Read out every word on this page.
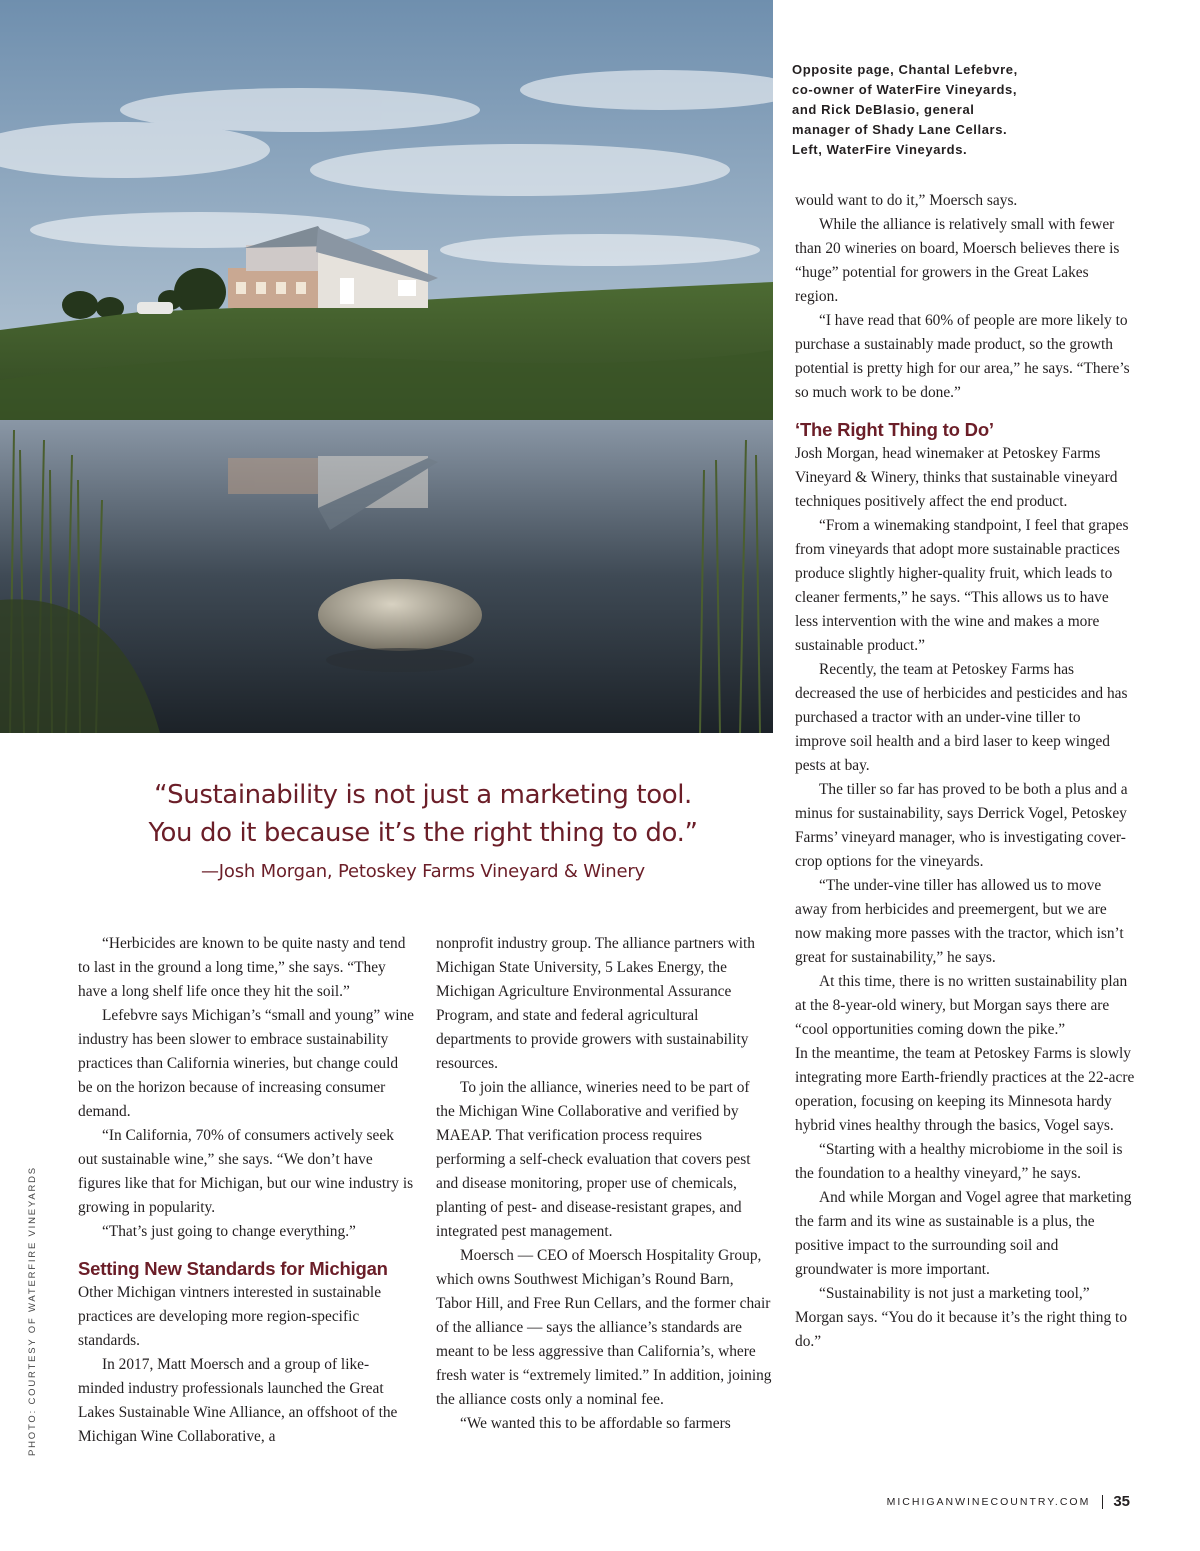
Opposite page, Chantal Lefebvre,
co-owner of WaterFire Vineyards,
and Rick DeBlasio, general
manager of Shady Lane Cellars.
Left, WaterFire Vineyards.
“Sustainability is not just a marketing tool.
You do it because it’s the right thing to do.”
—Josh Morgan, Petoskey Farms Vineyard & Winery

“Herbicides are known to be quite nasty and tend to last in the ground a long time,” she says. “They have a long shelf life once they hit the soil.”

Lefebvre says Michigan’s “small and young” wine industry has been slower to embrace sustainability practices than California wineries, but change could be on the horizon because of increasing consumer demand.

“In California, 70% of consumers actively seek out sustainable wine,” she says. “We don’t have figures like that for Michigan, but our wine industry is growing in popularity.

“That’s just going to change everything.”

Setting New Standards for Michigan

Other Michigan vintners interested in sustainable practices are developing more region-specific standards.

In 2017, Matt Moersch and a group of like-minded industry professionals launched the Great Lakes Sustainable Wine Alliance, an offshoot of the Michigan Wine Collaborative, a

nonprofit industry group. The alliance partners with Michigan State University, 5 Lakes Energy, the Michigan Agriculture Environmental Assurance Program, and state and federal agricultural departments to provide growers with sustainability resources.

To join the alliance, wineries need to be part of the Michigan Wine Collaborative and verified by MAEAP. That verification process requires performing a self-check evaluation that covers pest and disease monitoring, proper use of chemicals, planting of pest- and disease-resistant grapes, and integrated pest management.

Moersch — CEO of Moersch Hospitality Group, which owns Southwest Michigan’s Round Barn, Tabor Hill, and Free Run Cellars, and the former chair of the alliance — says the alliance’s standards are meant to be less aggressive than California’s, where fresh water is “extremely limited.” In addition, joining the alliance costs only a nominal fee.

“We wanted this to be affordable so farmers

would want to do it,” Moersch says.

While the alliance is relatively small with fewer than 20 wineries on board, Moersch believes there is “huge” potential for growers in the Great Lakes region.

“I have read that 60% of people are more likely to purchase a sustainably made product, so the growth potential is pretty high for our area,” he says. “There’s so much work to be done.”

‘The Right Thing to Do’

Josh Morgan, head winemaker at Petoskey Farms Vineyard & Winery, thinks that sustainable vineyard techniques positively affect the end product.

“From a winemaking standpoint, I feel that grapes from vineyards that adopt more sustainable practices produce slightly higher-quality fruit, which leads to cleaner ferments,” he says. “This allows us to have less intervention with the wine and makes a more sustainable product.”

Recently, the team at Petoskey Farms has decreased the use of herbicides and pesticides and has purchased a tractor with an under-vine tiller to improve soil health and a bird laser to keep winged pests at bay.

The tiller so far has proved to be both a plus and a minus for sustainability, says Derrick Vogel, Petoskey Farms’ vineyard manager, who is investigating cover-crop options for the vineyards.

“The under-vine tiller has allowed us to move away from herbicides and preemergent, but we are now making more passes with the tractor, which isn’t great for sustainability,” he says.

At this time, there is no written sustainability plan at the 8-year-old winery, but Morgan says there are “cool opportunities coming down the pike.”

In the meantime, the team at Petoskey Farms is slowly integrating more Earth-friendly practices at the 22-acre operation, focusing on keeping its Minnesota hardy hybrid vines healthy through the basics, Vogel says.

“Starting with a healthy microbiome in the soil is the foundation to a healthy vineyard,” he says.

And while Morgan and Vogel agree that marketing the farm and its wine as sustainable is a plus, the positive impact to the surrounding soil and groundwater is more important.

“Sustainability is not just a marketing tool,” Morgan says. “You do it because it’s the right thing to do.”

PHOTO: COURTESY OF WATERFIRE VINEYARDS
MICHIGANWINECOUNTRY.COM 35
